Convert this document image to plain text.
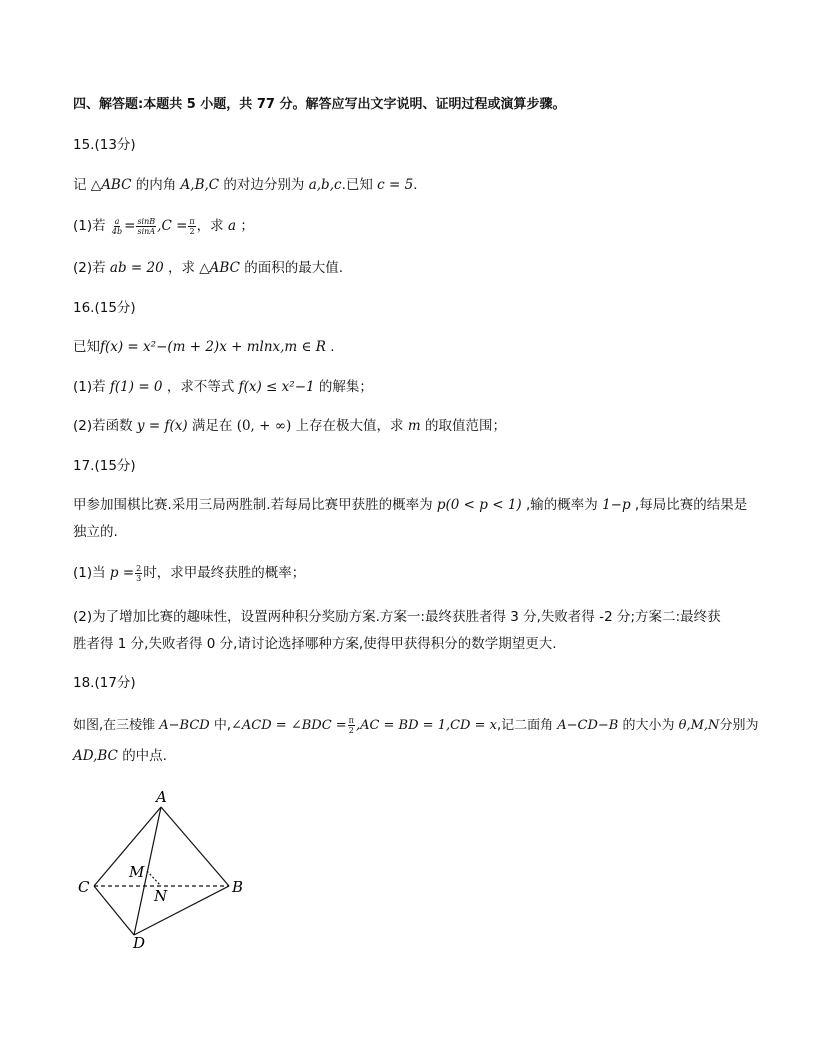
四、解答题:本题共 5 小题，共 77 分。解答应写出文字说明、证明过程或演算步骤。
15.(13分)
记 △ABC 的内角 A,B,C 的对边分别为 a,b,c.已知 c = 5.
(1)若 $\frac{a}{4b} = \frac{\sin B}{\sin A} ,C = \frac{\pi}{2}$ ，求 a ；
(2)若 ab = 20 ，求 △ABC 的面积的最大值.
16.(15分)
已知f(x) = x²−(m + 2)x + mlnx,m ∈ R .
(1)若 f(1) = 0 ，求不等式 f(x) ≤ x²−1 的解集；
(2)若函数 y = f(x) 满足在 (0, + ∞) 上存在极大值，求 m 的取值范围；
17.(15分)
甲参加围棋比赛.采用三局两胜制.若每局比赛甲获胜的概率为 p(0 < p < 1) ,输的概率为 1−p ,每局比赛的结果是
独立的.
(1)当 $p = \frac{2}{3}$ 时，求甲最终获胜的概率；
(2)为了增加比赛的趣味性，设置两种积分奖励方案.方案一:最终获胜者得 3 分,失败者得 -2 分;方案二:最终获
胜者得 1 分,失败者得 0 分,请讨论选择哪种方案,使得甲获得积分的数学期望更大.
18.(17分)
如图,在三棱锥 A−BCD 中,∠ACD = ∠BDC = $\frac{\pi}{2} ,AC$ = BD = 1,CD = x,记二面角 A−CD−B 的大小为 θ,M,N分别为
AD,BC 的中点.
A
C	B
D
M
N
